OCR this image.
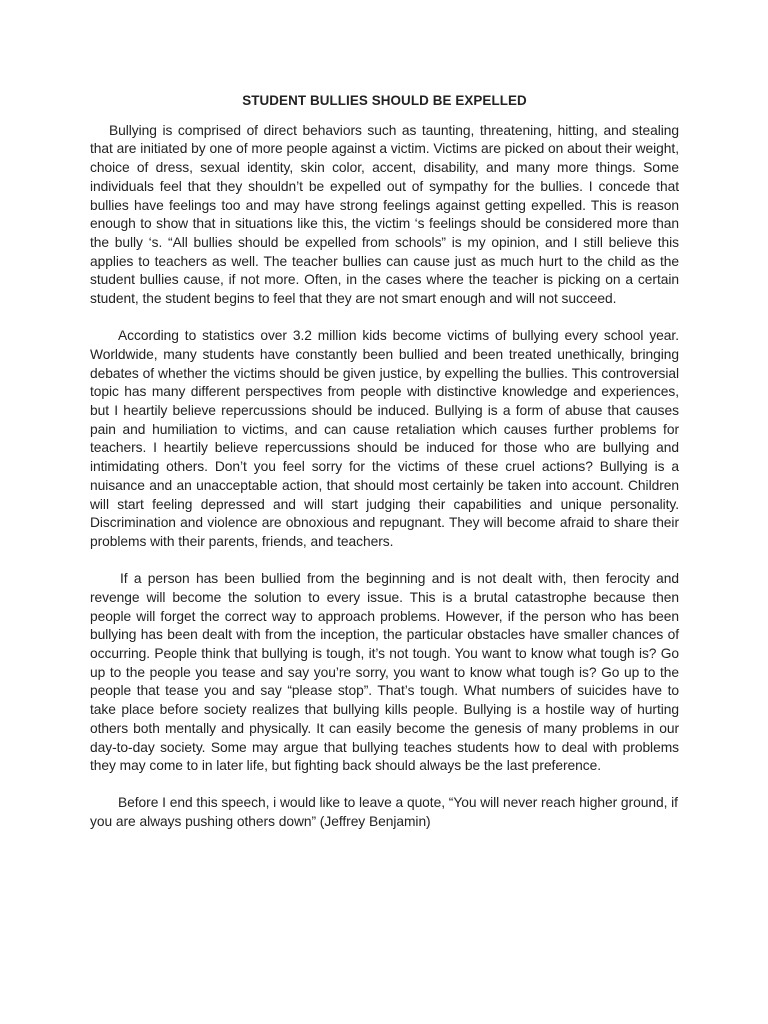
STUDENT BULLIES SHOULD BE EXPELLED

Bullying is comprised of direct behaviors such as taunting, threatening, hitting, and stealing that are initiated by one of more people against a victim. Victims are picked on about their weight, choice of dress, sexual identity, skin color, accent, disability, and many more things. Some individuals feel that they shouldn’t be expelled out of sympathy for the bullies. I concede that bullies have feelings too and may have strong feelings against getting expelled. This is reason enough to show that in situations like this, the victim ‘s feelings should be considered more than the bully ‘s. “All bullies should be expelled from schools” is my opinion, and I still believe this applies to teachers as well. The teacher bullies can cause just as much hurt to the child as the student bullies cause, if not more. Often, in the cases where the teacher is picking on a certain student, the student begins to feel that they are not smart enough and will not succeed.

According to statistics over 3.2 million kids become victims of bullying every school year. Worldwide, many students have constantly been bullied and been treated unethically, bringing debates of whether the victims should be given justice, by expelling the bullies. This controversial topic has many different perspectives from people with distinctive knowledge and experiences, but I heartily believe repercussions should be induced. Bullying is a form of abuse that causes pain and humiliation to victims, and can cause retaliation which causes further problems for teachers. I heartily believe repercussions should be induced for those who are bullying and intimidating others. Don’t you feel sorry for the victims of these cruel actions? Bullying is a nuisance and an unacceptable action, that should most certainly be taken into account. Children will start feeling depressed and will start judging their capabilities and unique personality. Discrimination and violence are obnoxious and repugnant. They will become afraid to share their problems with their parents, friends, and teachers.

If a person has been bullied from the beginning and is not dealt with, then ferocity and revenge will become the solution to every issue. This is a brutal catastrophe because then people will forget the correct way to approach problems. However, if the person who has been bullying has been dealt with from the inception, the particular obstacles have smaller chances of occurring. People think that bullying is tough, it’s not tough. You want to know what tough is? Go up to the people you tease and say you’re sorry, you want to know what tough is? Go up to the people that tease you and say “please stop”. That’s tough. What numbers of suicides have to take place before society realizes that bullying kills people. Bullying is a hostile way of hurting others both mentally and physically. It can easily become the genesis of many problems in our day-to-day society. Some may argue that bullying teaches students how to deal with problems they may come to in later life, but fighting back should always be the last preference.

Before I end this speech, i would like to leave a quote, “You will never reach higher ground, if you are always pushing others down” (Jeffrey Benjamin)
